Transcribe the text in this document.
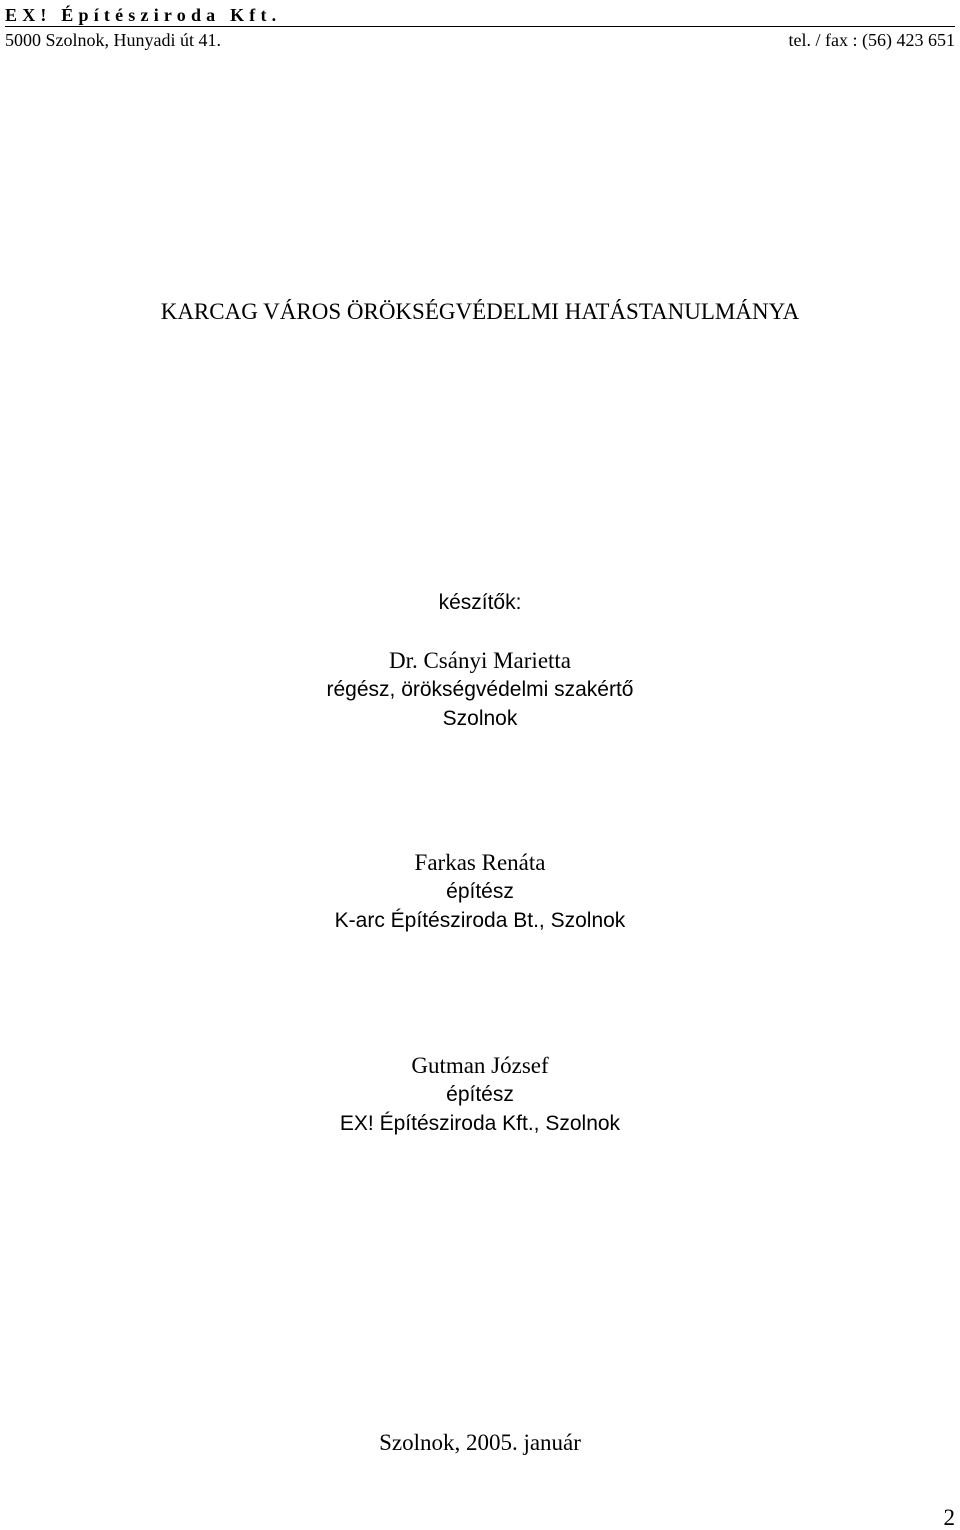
EX! Építésziroda Kft.
5000 Szolnok, Hunyadi út 41.	tel. / fax : (56) 423 651
KARCAG VÁROS ÖRÖKSÉGVÉDELMI HATÁSTANULMÁNYA
készítők:
Dr. Csányi Marietta
régész, örökségvédelmi szakértő
Szolnok
Farkas Renáta
építész
K-arc Építésziroda Bt., Szolnok
Gutman József
építész
EX! Építésziroda Kft., Szolnok
Szolnok, 2005. január
2
